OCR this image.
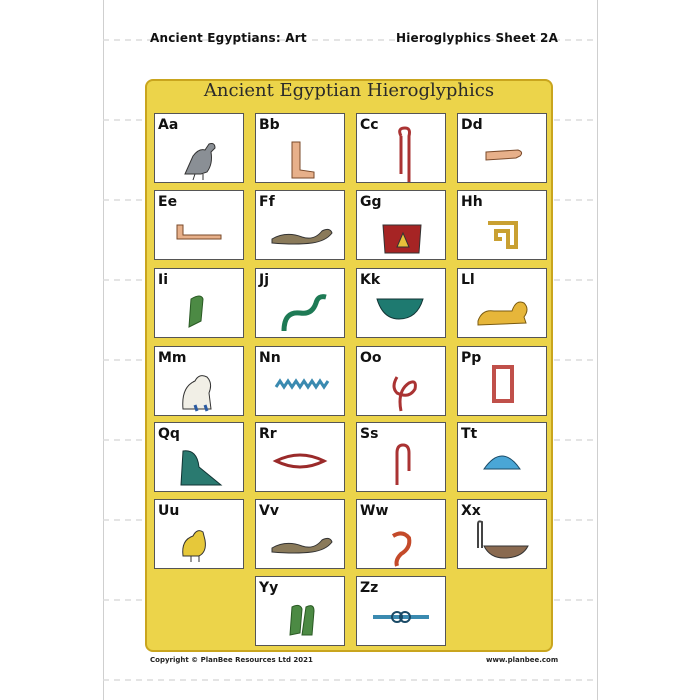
Ancient Egyptians: Art	Hieroglyphics Sheet 2A
Ancient Egyptian Hieroglyphics
Aa	Bb	Cc	Dd
Ee	Ff	Gg	Hh
Ii	Jj	Kk	Ll
Mm	Nn	Oo	Pp
Qq	Rr	Ss	Tt
Uu	Vv	Ww	Xx
Yy	Zz
Copyright © PlanBee Resources Ltd 2021	www.planbee.com
